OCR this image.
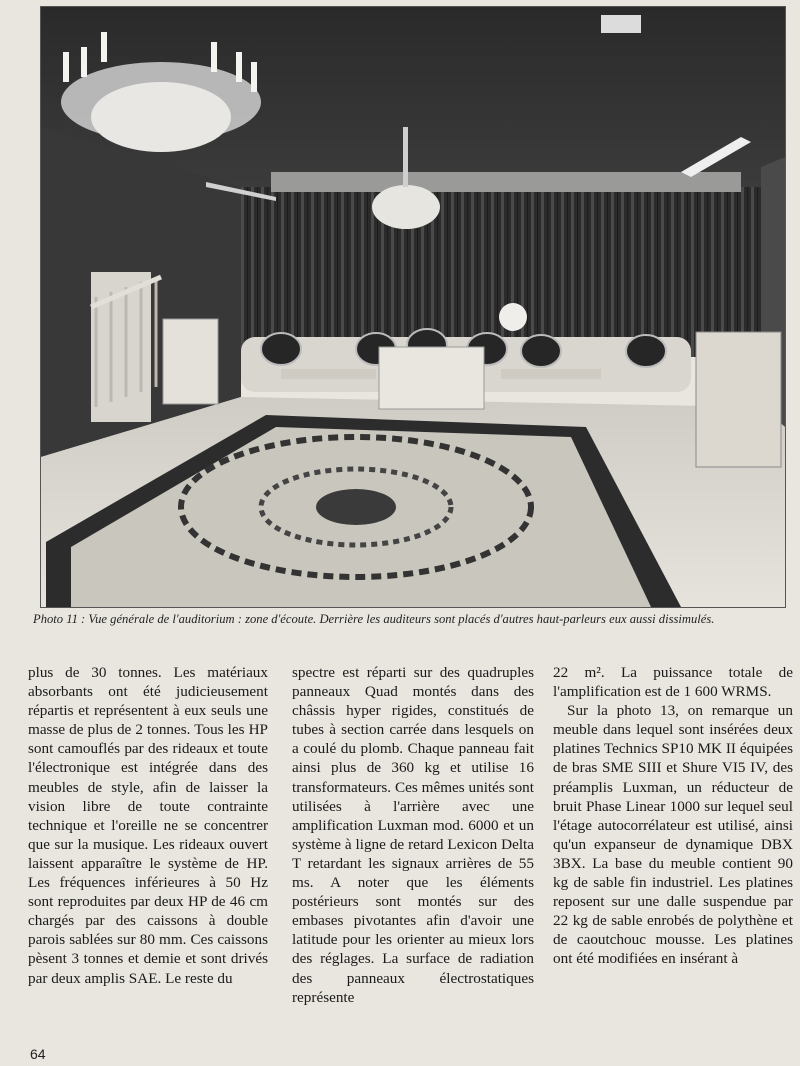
Photo 11 : Vue générale de l'auditorium : zone d'écoute. Derrière les auditeurs sont placés d'autres haut-parleurs eux aussi dissimulés.

plus de 30 tonnes. Les matériaux absorbants ont été judicieusement répartis et représentent à eux seuls une masse de plus de 2 tonnes. Tous les HP sont camouflés par des rideaux et toute l'électronique est intégrée dans des meubles de style, afin de laisser la vision libre de toute contrainte technique et l'oreille ne se concentrer que sur la musique. Les rideaux ouvert laissent apparaître le système de HP. Les fréquences inférieures à 50 Hz sont reproduites par deux HP de 46 cm chargés par des caissons à double parois sablées sur 80 mm. Ces caissons pèsent 3 tonnes et demie et sont drivés par deux amplis SAE. Le reste du

spectre est réparti sur des quadruples panneaux Quad montés dans des châssis hyper rigides, constitués de tubes à section carrée dans lesquels on a coulé du plomb. Chaque panneau fait ainsi plus de 360 kg et utilise 16 transformateurs. Ces mêmes unités sont utilisées à l'arrière avec une amplification Luxman mod. 6000 et un système à ligne de retard Lexicon Delta T retardant les signaux arrières de 55 ms. A noter que les éléments postérieurs sont montés sur des embases pivotantes afin d'avoir une latitude pour les orienter au mieux lors des réglages. La surface de radiation des panneaux électrostatiques représente

22 m². La puissance totale de l'amplification est de 1 600 WRMS.

Sur la photo 13, on remarque un meuble dans lequel sont insérées deux platines Technics SP10 MK II équipées de bras SME SIII et Shure VI5 IV, des préamplis Luxman, un réducteur de bruit Phase Linear 1000 sur lequel seul l'étage autocorrélateur est utilisé, ainsi qu'un expanseur de dynamique DBX 3BX. La base du meuble contient 90 kg de sable fin industriel. Les platines reposent sur une dalle suspendue par 22 kg de sable enrobés de polythène et de caoutchouc mousse. Les platines ont été modifiées en insérant à

64
